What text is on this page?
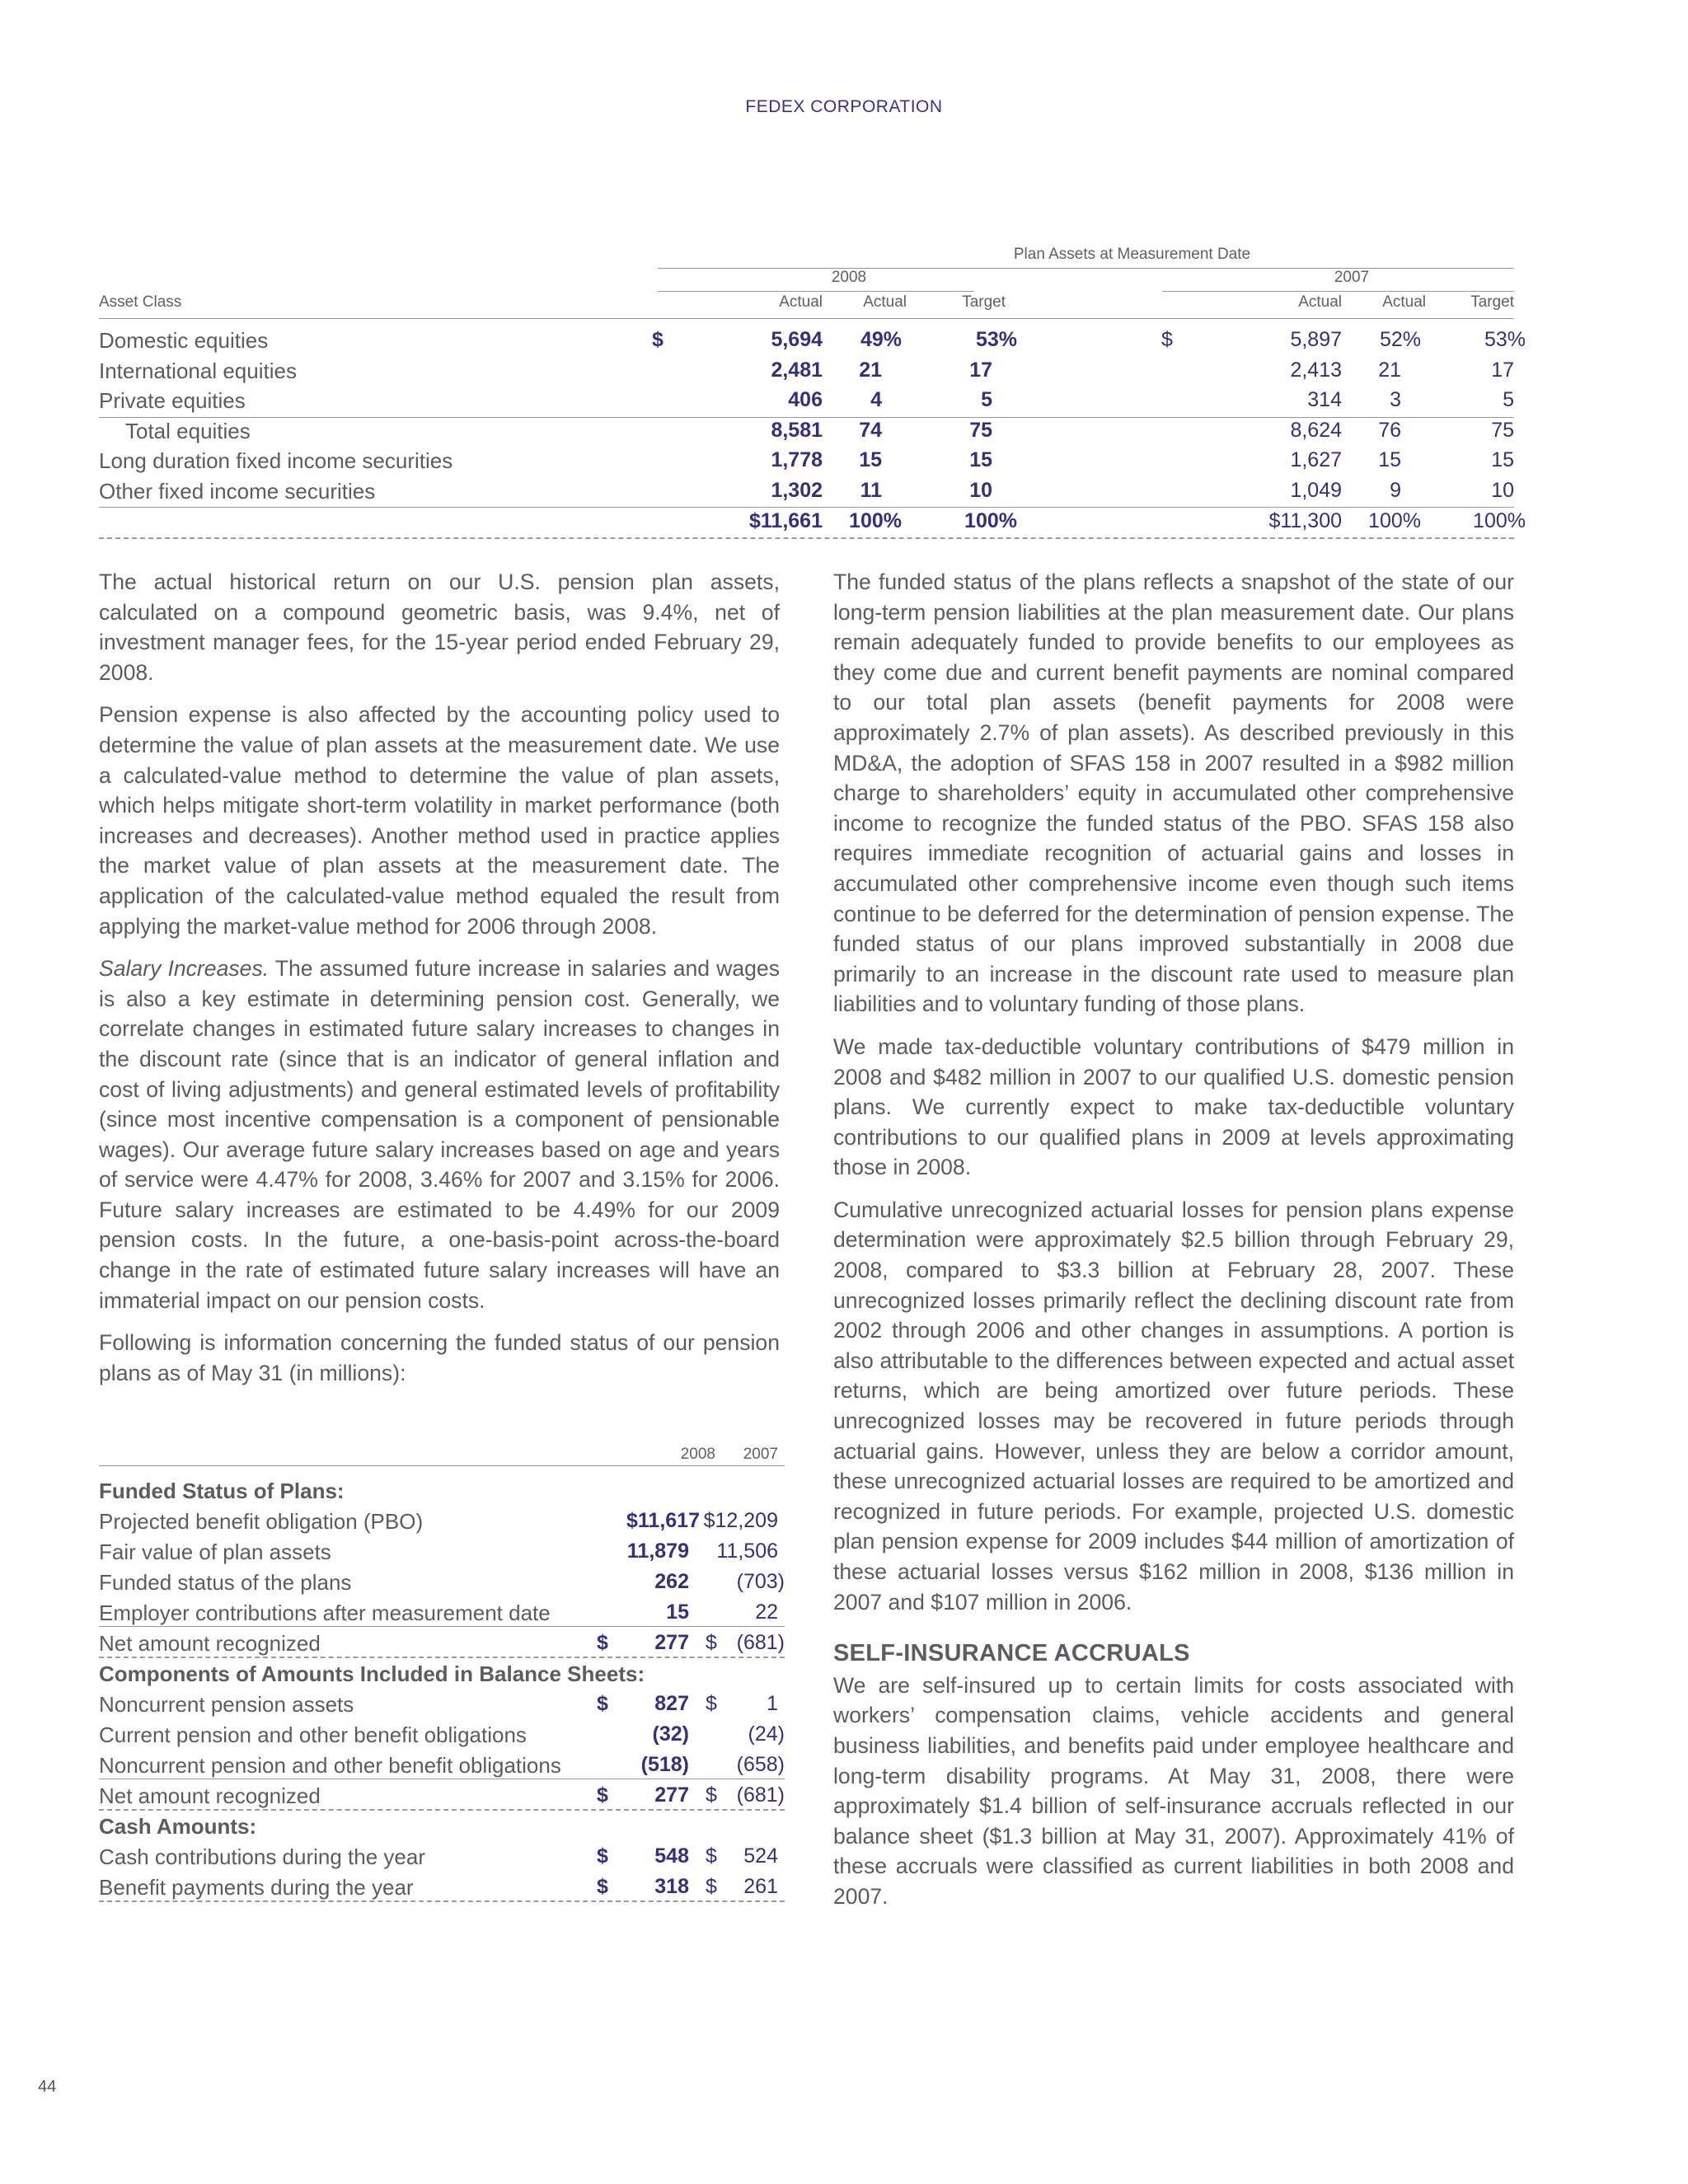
FEDEX CORPORATION
Plan Assets at Measurement Date
2008	2007
Asset Class	Actual	Actual	Target	Actual	Actual	Target
Domestic equities	$	5,694	49%	53%	$	5,897	52%	53%
International equities	2,481	21	17	2,413	21	17
Private equities	406	4	5	314	3	5
Total equities	8,581	74	75	8,624	76	75
Long duration fixed income securities	1,778	15	15	1,627	15	15
Other fixed income securities	1,302	11	10	1,049	9	10
$11,661	100%	100%	$11,300	100%	100%

The actual historical return on our U.S. pension plan assets, calculated on a compound geometric basis, was 9.4%, net of investment manager fees, for the 15-year period ended February 29, 2008.

Pension expense is also affected by the accounting policy used to determine the value of plan assets at the measurement date. We use a calculated-value method to determine the value of plan assets, which helps mitigate short-term volatility in market performance (both increases and decreases). Another method used in practice applies the market value of plan assets at the measurement date. The application of the calculated-value method equaled the result from applying the market-value method for 2006 through 2008.

Salary Increases. The assumed future increase in salaries and wages is also a key estimate in determining pension cost. Generally, we correlate changes in estimated future salary increases to changes in the discount rate (since that is an indicator of general inflation and cost of living adjustments) and general estimated levels of profitability (since most incentive compensation is a component of pensionable wages). Our average future salary increases based on age and years of service were 4.47% for 2008, 3.46% for 2007 and 3.15% for 2006. Future salary increases are estimated to be 4.49% for our 2009 pension costs. In the future, a one-basis-point across-the-board change in the rate of estimated future salary increases will have an immaterial impact on our pension costs.

Following is information concerning the funded status of our pension plans as of May 31 (in millions):

2008	2007
Funded Status of Plans:
Projected benefit obligation (PBO)	$11,617 $12,209
Fair value of plan assets	11,879	11,506
Funded status of the plans	262	(703)
Employer contributions after measurement date	15	22
Net amount recognized	$	277 $ (681)
Components of Amounts Included in Balance Sheets:
Noncurrent pension assets	$	827 $	1
Current pension and other benefit obligations	(32)	(24)
Noncurrent pension and other benefit obligations	(518)	(658)
Net amount recognized	$	277 $ (681)
Cash Amounts:
Cash contributions during the year	$	548 $	524
Benefit payments during the year	$	318 $	261

The funded status of the plans reflects a snapshot of the state of our long-term pension liabilities at the plan measurement date. Our plans remain adequately funded to provide benefits to our employees as they come due and current benefit payments are nominal compared to our total plan assets (benefit payments for 2008 were approximately 2.7% of plan assets). As described previously in this MD&A, the adoption of SFAS 158 in 2007 resulted in a $982 million charge to shareholders’ equity in accumulated other comprehensive income to recognize the funded status of the PBO. SFAS 158 also requires immediate recognition of actuarial gains and losses in accumulated other comprehensive income even though such items continue to be deferred for the determination of pension expense. The funded status of our plans improved substantially in 2008 due primarily to an increase in the discount rate used to measure plan liabilities and to voluntary funding of those plans.

We made tax-deductible voluntary contributions of $479 million in 2008 and $482 million in 2007 to our qualified U.S. domestic pension plans. We currently expect to make tax-deductible voluntary contributions to our qualified plans in 2009 at levels approximating those in 2008.

Cumulative unrecognized actuarial losses for pension plans expense determination were approximately $2.5 billion through February 29, 2008, compared to $3.3 billion at February 28, 2007. These unrecognized losses primarily reflect the declining discount rate from 2002 through 2006 and other changes in assumptions. A portion is also attributable to the differences between expected and actual asset returns, which are being amortized over future periods. These unrecognized losses may be recovered in future periods through actuarial gains. However, unless they are below a corridor amount, these unrecognized actuarial losses are required to be amortized and recognized in future periods. For example, projected U.S. domestic plan pension expense for 2009 includes $44 million of amortization of these actuarial losses versus $162 million in 2008, $136 million in 2007 and $107 million in 2006.

SELF-INSURANCE ACCRUALS

We are self-insured up to certain limits for costs associated with workers’ compensation claims, vehicle accidents and general business liabilities, and benefits paid under employee healthcare and long-term disability programs. At May 31, 2008, there were approximately $1.4 billion of self-insurance accruals reflected in our balance sheet ($1.3 billion at May 31, 2007). Approximately 41% of these accruals were classified as current liabilities in both 2008 and 2007.

44
